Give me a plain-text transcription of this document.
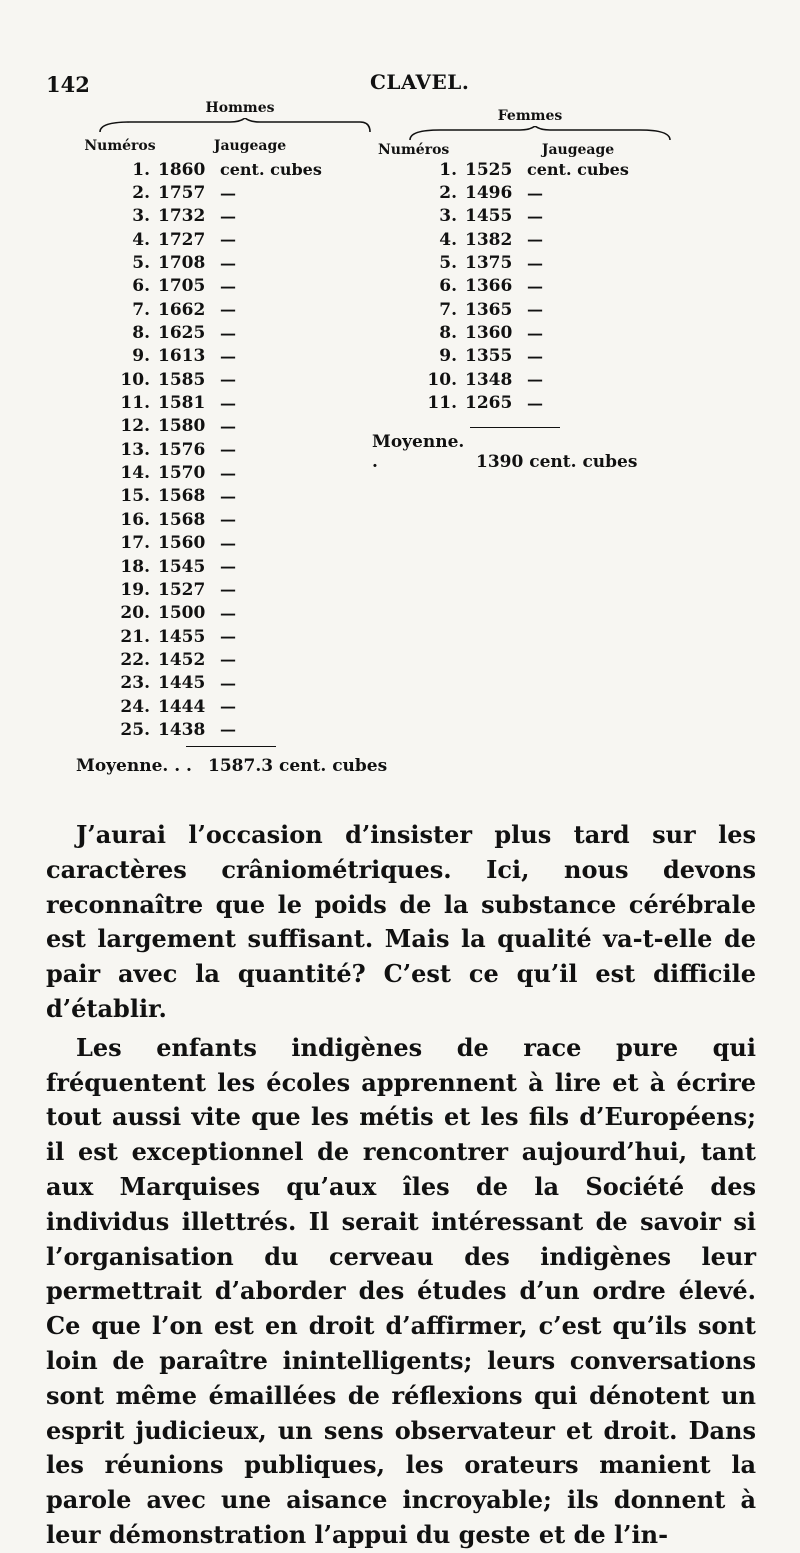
142	CLAVEL.
Hommes
Numéros	Jaugeage
1. 1860 cent. cubes
2. 1757 —
3. 1732 —
4. 1727 —
5. 1708 —
6. 1705 —
7. 1662 —
8. 1625 —
9. 1613 —
10. 1585 —
11. 1581 —
12. 1580 —
13. 1576 —
14. 1570 —
15. 1568 —
16. 1568 —
17. 1560 —
18. 1545 —
19. 1527 —
20. 1500 —
21. 1455 —
22. 1452 —
23. 1445 —
24. 1444 —
25. 1438 —
Moyenne. . . 1587.3 cent. cubes
Femmes
Numéros	Jaugeage
1. 1525 cent. cubes
2. 1496 —
3. 1455 —
4. 1382 —
5. 1375 —
6. 1366 —
7. 1365 —
8. 1360 —
9. 1355 —
10. 1348 —
11. 1265 —
Moyenne. .	1390 cent. cubes

J’aurai l’occasion d’insister plus tard sur les caractères crâniométriques. Ici, nous devons reconnaître que le poids de la substance cérébrale est largement suffisant. Mais la qualité va-t-elle de pair avec la quantité? C’est ce qu’il est difficile d’établir.

Les enfants indigènes de race pure qui fréquentent les écoles apprennent à lire et à écrire tout aussi vite que les métis et les fils d’Européens; il est exceptionnel de rencontrer aujourd’hui, tant aux Marquises qu’aux îles de la Société des individus illettrés. Il serait intéressant de savoir si l’organisation du cerveau des indigènes leur permettrait d’aborder des études d’un ordre élevé. Ce que l’on est en droit d’affirmer, c’est qu’ils sont loin de paraître inintelligents; leurs conversations sont même émaillées de réflexions qui dénotent un esprit judicieux, un sens observateur et droit. Dans les réunions publiques, les orateurs manient la parole avec une aisance incroyable; ils donnent à leur démonstration l’appui du geste et de l’in-
